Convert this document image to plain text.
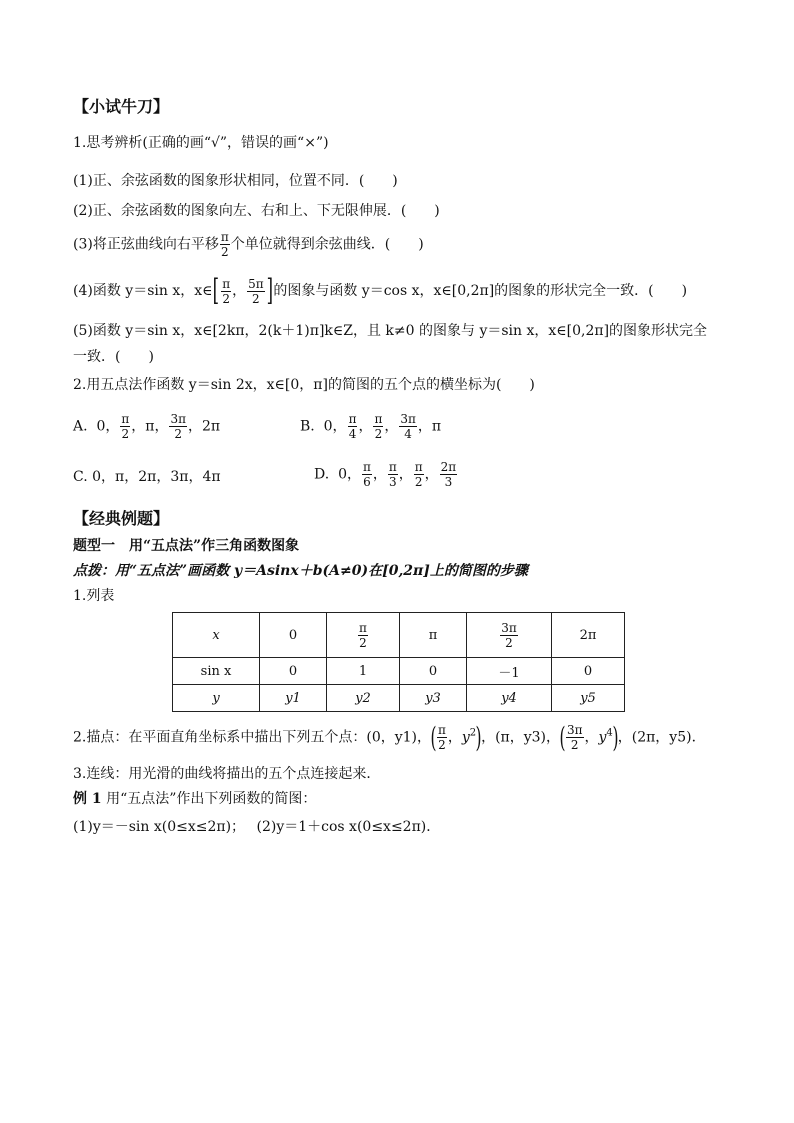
【小试牛刀】
1.思考辨析(正确的画“√”，错误的画“×”)
(1)正、余弦函数的图象形状相同，位置不同．(　　)
(2)正、余弦函数的图象向左、右和上、下无限伸展．(　　)
(3)将正弦曲线向右平移 $\frac{\pi}{2}$ 个单位就得到余弦曲线．(　　)
(4)函数 y＝sin x，x∈[ $\frac{\pi}{2}$ ， $\frac{5\pi}{2}$ ]的图象与函数 y＝cos x，x∈[0,2π]的图象的形状完全一致．(　　)
(5)函数 y＝sin x，x∈[2kπ，2(k＋1)π]k∈Z，且 k≠0 的图象与 y＝sin x，x∈[0,2π]的图象形状完全
一致．(　　)
2.用五点法作函数 y＝sin 2x，x∈[0，π]的简图的五个点的横坐标为(　　)
A.  0， $\frac{\pi}{2}$ ，π， $\frac{3\pi}{2}$ ，2π	B.  0， $\frac{\pi}{4}$ ， $\frac{\pi}{2}$ ， $\frac{3\pi}{4}$ ，π
C. 0，π，2π，3π，4π	D.  0， $\frac{\pi}{6}$ ， $\frac{\pi}{3}$ ， $\frac{\pi}{2}$ ， $\frac{2\pi}{3}$
【经典例题】
题型一　用“五点法”作三角函数图象
点拨：用“五点法”画函数 y＝Asinx＋b(A≠0)在[0,2π]上的简图的步骤
1.列表
x	0	$\frac{\pi}{2}$	π	$\frac{3\pi}{2}$	2π
sin x	0	1	0	－1	0
y	y1	y2	y3	y4	y5
2.描点：在平面直角坐标系中描出下列五个点：(0，y1)，( $\frac{\pi}{2}$ ，$y^2$)，(π，y3)，( $\frac{3\pi}{2}$ ，$y^4$)，(2π，y5)．
3.连线：用光滑的曲线将描出的五个点连接起来．
例 1 用“五点法”作出下列函数的简图：
(1)y＝－sin x(0≤x≤2π)；　 (2)y＝1＋cos x(0≤x≤2π)．
